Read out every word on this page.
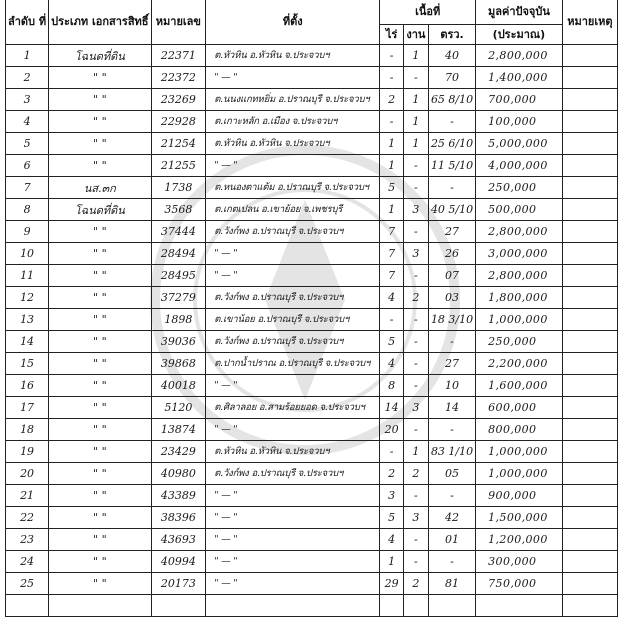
ลำดับ ที่	ประเภท เอกสารสิทธิ์	หมายเลข	ที่ตั้ง	เนื้อที่			มูลค่าปัจจุบัน	หมายเหตุ
				ไร่	งาน	ตรว.	(ประมาณ)	
1	โฉนดที่ดิน	22371	ต.หัวหิน อ.หัวหิน จ.ประจวบฯ	-	1	40	2,800,000	
2	" "	22372	" — "	-	-	70	1,400,000	
3	" "	23269	ต.นนงแกทหยิ่ม อ.ปราณบุรี จ.ประจวบฯ	2	1	65 8/10	700,000	
4	" "	22928	ต.เกาะหลัก อ.เมือง จ.ประจวบฯ	-	1	-	100,000	
5	" "	21254	ต.หัวหิน อ.หัวหิน จ.ประจวบฯ	1	1	25 6/10	5,000,000	
6	" "	21255	" — "	1	-	11 5/10	4,000,000	
7	นส.๓ก	1738	ต.หนองตาแต้ม อ.ปราณบุรี จ.ประจวบฯ	5	-	-	250,000	
8	โฉนดที่ดิน	3568	ต.เกตเปลน อ.เขาย้อย จ.เพชรบุรี	1	3	40 5/10	500,000	
9	" "	37444	ต.วังก์พง อ.ปราณบุรี จ.ประจวบฯ	7	-	27	2,800,000	
10	" "	28494	" — "	7	3	26	3,000,000	
11	" "	28495	" — "	7	-	07	2,800,000	
12	" "	37279	ต.วังก์พง อ.ปราณบุรี จ.ประจวบฯ	4	2	03	1,800,000	
13	" "	1898	ต.เขาน้อย อ.ปราณบุรี จ.ประจวบฯ	-	-	18 3/10	1,000,000	
14	" "	39036	ต.วังก์พง อ.ปราณบุรี จ.ประจวบฯ	5	-	-	250,000	
15	" "	39868	ต.ปากน้ำปราณ อ.ปราณบุรี จ.ประจวบฯ	4	-	27	2,200,000	
16	" "	40018	" — "	8	-	10	1,600,000	
17	" "	5120	ต.ศิลาลอย อ.สามร้อยยอด จ.ประจวบฯ	14	3	14	600,000	
18	" "	13874	" — "	20	-	-	800,000	
19	" "	23429	ต.หัวหิน อ.หัวหิน จ.ประจวบฯ	-	1	83 1/10	1,000,000	
20	" "	40980	ต.วังก์พง อ.ปราณบุรี จ.ประจวบฯ	2	2	05	1,000,000	
21	" "	43389	" — "	3	-	-	900,000	
22	" "	38396	" — "	5	3	42	1,500,000	
23	" "	43693	" — "	4	-	01	1,200,000	
24	" "	40994	" — "	1	-	-	300,000	
25	" "	20173	" — "	29	2	81	750,000	
